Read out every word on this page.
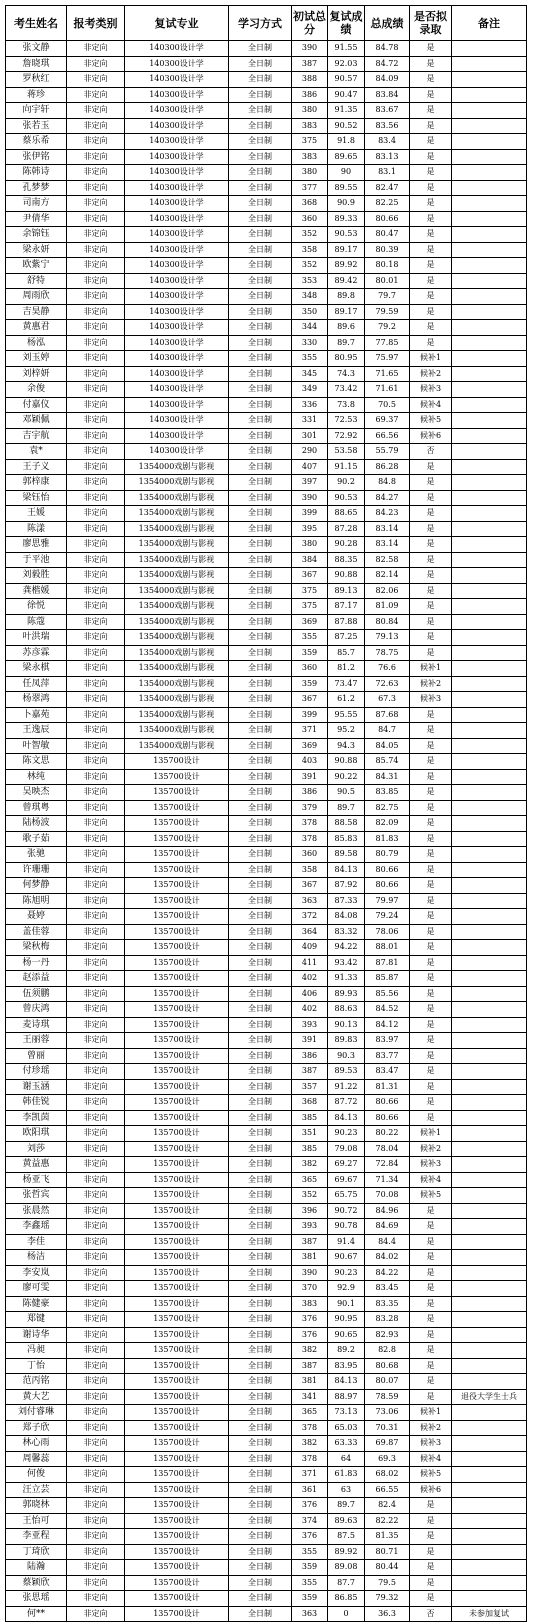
考生姓名	报考类别	复试专业	学习方式	初试总分	复试成绩	总成绩	是否拟录取	备注
张文静	非定向	140300设计学	全日制	390	91.55	84.78	是	
詹晓琪	非定向	140300设计学	全日制	387	92.03	84.72	是	
罗秋红	非定向	140300设计学	全日制	388	90.57	84.09	是	
蒋珍	非定向	140300设计学	全日制	386	90.47	83.84	是	
向宇轩	非定向	140300设计学	全日制	380	91.35	83.67	是	
张若玉	非定向	140300设计学	全日制	383	90.52	83.56	是	
蔡乐希	非定向	140300设计学	全日制	375	91.8	83.4	是	
张伊铭	非定向	140300设计学	全日制	383	89.65	83.13	是	
陈韩诗	非定向	140300设计学	全日制	380	90	83.1	是	
孔梦梦	非定向	140300设计学	全日制	377	89.55	82.47	是	
司南方	非定向	140300设计学	全日制	368	90.9	82.25	是	
尹倩华	非定向	140300设计学	全日制	360	89.33	80.66	是	
余锦钰	非定向	140300设计学	全日制	352	90.53	80.47	是	
梁永妍	非定向	140300设计学	全日制	358	89.17	80.39	是	
欧紫宁	非定向	140300设计学	全日制	352	89.92	80.18	是	
舒特	非定向	140300设计学	全日制	353	89.42	80.01	是	
周雨欣	非定向	140300设计学	全日制	348	89.8	79.7	是	
吉昊静	非定向	140300设计学	全日制	350	89.17	79.59	是	
黄惠君	非定向	140300设计学	全日制	344	89.6	79.2	是	
杨泓	非定向	140300设计学	全日制	330	89.7	77.85	是	
刘玉婷	非定向	140300设计学	全日制	355	80.95	75.97	候补1	
刘梓妍	非定向	140300设计学	全日制	345	74.3	71.65	候补2	
余俊	非定向	140300设计学	全日制	349	73.42	71.61	候补3	
付嘉仪	非定向	140300设计学	全日制	336	73.8	70.5	候补4	
邓颖佩	非定向	140300设计学	全日制	331	72.53	69.37	候补5	
吉宇航	非定向	140300设计学	全日制	301	72.92	66.56	候补6	
袁*	非定向	140300设计学	全日制	290	53.58	55.79	否	
王子义	非定向	1354000戏剧与影视	全日制	407	91.15	86.28	是	
郭梓康	非定向	1354000戏剧与影视	全日制	397	90.2	84.8	是	
梁钰怡	非定向	1354000戏剧与影视	全日制	390	90.53	84.27	是	
王媛	非定向	1354000戏剧与影视	全日制	399	88.65	84.23	是	
陈漾	非定向	1354000戏剧与影视	全日制	395	87.28	83.14	是	
廖思雅	非定向	1354000戏剧与影视	全日制	380	90.28	83.14	是	
于平池	非定向	1354000戏剧与影视	全日制	384	88.35	82.58	是	
刘毅胜	非定向	1354000戏剧与影视	全日制	367	90.88	82.14	是	
龚楷媛	非定向	1354000戏剧与影视	全日制	375	89.13	82.06	是	
徐悦	非定向	1354000戏剧与影视	全日制	375	87.17	81.09	是	
陈蔻	非定向	1354000戏剧与影视	全日制	369	87.88	80.84	是	
叶洪瑞	非定向	1354000戏剧与影视	全日制	355	87.25	79.13	是	
苏彦霖	非定向	1354000戏剧与影视	全日制	359	85.7	78.75	是	
梁永棋	非定向	1354000戏剧与影视	全日制	360	81.2	76.6	候补1	
任凤萍	非定向	1354000戏剧与影视	全日制	359	73.47	72.63	候补2	
杨翠鸿	非定向	1354000戏剧与影视	全日制	367	61.2	67.3	候补3	
卜嘉苑	非定向	1354000戏剧与影视	全日制	399	95.55	87.68	是	
王逸辰	非定向	1354000戏剧与影视	全日制	371	95.2	84.7	是	
叶智敏	非定向	1354000戏剧与影视	全日制	369	94.3	84.05	是	
陈文思	非定向	135700设计	全日制	403	90.88	85.74	是	
林纯	非定向	135700设计	全日制	391	90.22	84.31	是	
吴映杰	非定向	135700设计	全日制	386	90.5	83.85	是	
曾琪粤	非定向	135700设计	全日制	379	89.7	82.75	是	
陆杨波	非定向	135700设计	全日制	378	88.58	82.09	是	
歌子茹	非定向	135700设计	全日制	378	85.83	81.83	是	
张驰	非定向	135700设计	全日制	360	89.58	80.79	是	
许珊珊	非定向	135700设计	全日制	358	84.13	80.66	是	
何梦静	非定向	135700设计	全日制	367	87.92	80.66	是	
陈旭明	非定向	135700设计	全日制	363	87.33	79.97	是	
聂婷	非定向	135700设计	全日制	372	84.08	79.24	是	
盖佳蓉	非定向	135700设计	全日制	364	83.32	78.06	是	
梁秋梅	非定向	135700设计	全日制	409	94.22	88.01	是	
杨一丹	非定向	135700设计	全日制	411	93.42	87.81	是	
赵添益	非定向	135700设计	全日制	402	91.33	85.87	是	
伍须鹏	非定向	135700设计	全日制	406	89.93	85.56	是	
曾庆鸿	非定向	135700设计	全日制	402	88.63	84.52	是	
麦诗琪	非定向	135700设计	全日制	393	90.13	84.12	是	
王丽蓉	非定向	135700设计	全日制	391	89.83	83.97	是	
曾丽	非定向	135700设计	全日制	386	90.3	83.77	是	
付珍瑶	非定向	135700设计	全日制	387	89.53	83.47	是	
谢玉涵	非定向	135700设计	全日制	357	91.22	81.31	是	
韩佳锐	非定向	135700设计	全日制	368	87.72	80.66	是	
李凯茵	非定向	135700设计	全日制	385	84.13	80.66	是	
欧阳琪	非定向	135700设计	全日制	351	90.23	80.22	候补1	
刘莎	非定向	135700设计	全日制	385	79.08	78.04	候补2	
黄益惠	非定向	135700设计	全日制	382	69.27	72.84	候补3	
杨亚飞	非定向	135700设计	全日制	365	69.67	71.34	候补4	
张哲宾	非定向	135700设计	全日制	352	65.75	70.08	候补5	
张晨然	非定向	135700设计	全日制	396	90.72	84.96	是	
李鑫瑶	非定向	135700设计	全日制	393	90.78	84.69	是	
李佳	非定向	135700设计	全日制	387	91.4	84.4	是	
杨洁	非定向	135700设计	全日制	381	90.67	84.02	是	
李安岚	非定向	135700设计	全日制	390	90.23	84.22	是	
廖可雯	非定向	135700设计	全日制	370	92.9	83.45	是	
陈健豪	非定向	135700设计	全日制	383	90.1	83.35	是	
郑键	非定向	135700设计	全日制	376	90.95	83.28	是	
谢诗华	非定向	135700设计	全日制	376	90.65	82.93	是	
冯昶	非定向	135700设计	全日制	382	89.2	82.8	是	
丁怡	非定向	135700设计	全日制	387	83.95	80.68	是	
范丙铭	非定向	135700设计	全日制	381	84.13	80.07	是	
黄大艺	非定向	135700设计	全日制	341	88.97	78.59	是	退役大学生士兵
刘付睿琳	非定向	135700设计	全日制	365	73.13	73.06	候补1	
郑子欣	非定向	135700设计	全日制	378	65.03	70.31	候补2	
林心雨	非定向	135700设计	全日制	382	63.33	69.87	候补3	
周馨蕊	非定向	135700设计	全日制	378	64	69.3	候补4	
何俊	非定向	135700设计	全日制	371	61.83	68.02	候补5	
汪立芸	非定向	135700设计	全日制	361	63	66.55	候补6	
郭晓林	非定向	135700设计	全日制	376	89.7	82.4	是	
王怡可	非定向	135700设计	全日制	374	89.63	82.22	是	
李亚程	非定向	135700设计	全日制	376	87.5	81.35	是	
丁琦欣	非定向	135700设计	全日制	355	89.92	80.71	是	
陆瀚	非定向	135700设计	全日制	359	89.08	80.44	是	
蔡颖欣	非定向	135700设计	全日制	355	87.7	79.5	是	
张思瑶	非定向	135700设计	全日制	359	86.85	79.32	是	
何**	非定向	135700设计	全日制	363	0	36.3	否	未参加复试
